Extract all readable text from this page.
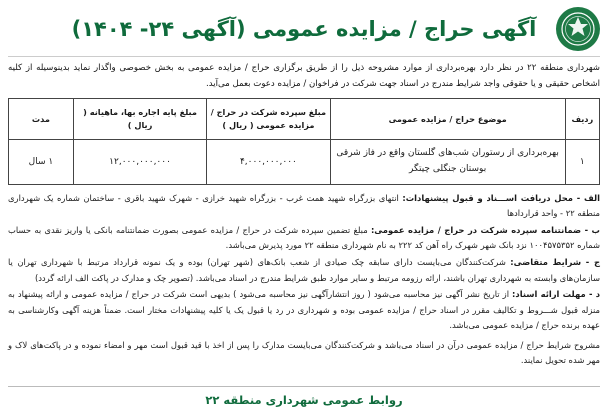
آگهی حراج / مزایده عمومی (آگهی ۲۴- ۱۴۰۴)
شهرداری منطقه ۲۲ در نظر دارد بهره‌برداری از موارد مشروحه ذیل را از طریق برگزاری حراج / مزایده عمومی به بخش خصوصی واگذار نماید بدینوسیله از کلیه اشخاص حقیقی و یا حقوقی واجد شرایط مندرج در اسناد جهت شرکت در فراخوان / مزایده دعوت بعمل می‌آید.
ردیف	موضوع حراج / مزایده عمومی	مبلغ سپرده شرکت در حراج / مزایده عمومی ( ریال )	مبلغ پایه اجاره بها، ماهیانه ( ریال )	مدت
۱	بهره‌برداری از رستوران شب‌های گلستان واقع در فاز شرقی بوستان جنگلی چیتگر	۴,۰۰۰,۰۰۰,۰۰۰	۱۲,۰۰۰,۰۰۰,۰۰۰	۱ سال
الف - محل دریافت اســـناد و قبول پیشنهادات: انتهای بزرگراه شهید همت غرب - بزرگراه شهید خرازی - شهرک شهید باقری - ساختمان شماره یک شهرداری منطقه ۲۲ - واحد قراردادها
ب - ضمانتنامه سپرده شرکت در حراج / مزایده عمومی: مبلغ تضمین سپرده شرکت در حراج / مزایده عمومی بصورت ضمانتنامه بانکی یا واریز نقدی به حساب شماره ۱۰۰۴۵۷۵۳۵۲ نزد بانک شهر شهرک راه آهن کد ۲۲۲ به نام شهرداری منطقه ۲۲ مورد پذیرش می‌باشد.
ج - شرایط متقاضی: شرکت‌کنندگان می‌بایست دارای سابقه چک صیادی از شعب بانک‌های (شهر تهران) بوده و یک نمونه قرارداد مرتبط با شهرداری تهران یا سازمان‌های وابسته به شهرداری تهران باشند، ارائه رزومه مرتبط و سایر موارد طبق شرایط مندرج در اسناد می‌باشد. (تصویر چک و مدارک در پاکت الف ارائه گردد)
د - مهلت ارائه اسناد: از تاریخ نشر آگهی نیز محاسبه می‌شود ( روز انتشارآگهی نیز محاسبه می‌شود ) بدیهی است شرکت در حراج / مزایده عمومی و ارائه پیشنهاد به منزله قبول شـــروط و تکالیف مقرر در اسناد حراج / مزایده عمومی بوده و شهرداری در رد یا قبول یک یا کلیه پیشنهادات مختار است. ضمناً هزینه آگهی وکارشناسی به عهده برنده حراج / مزایده عمومی می‌باشد.
مشروح شرایط حراج / مزایده عمومی درآن در اسناد می‌باشد و شرکت‌کنندگان می‌بایست مدارک را پس از اخذ با قید قبول است مهر و امضاء نموده و در پاکت‌های لاک و مهر شده تحویل نمایند.
روابط عمومی شهرداری منطقه ۲۲
